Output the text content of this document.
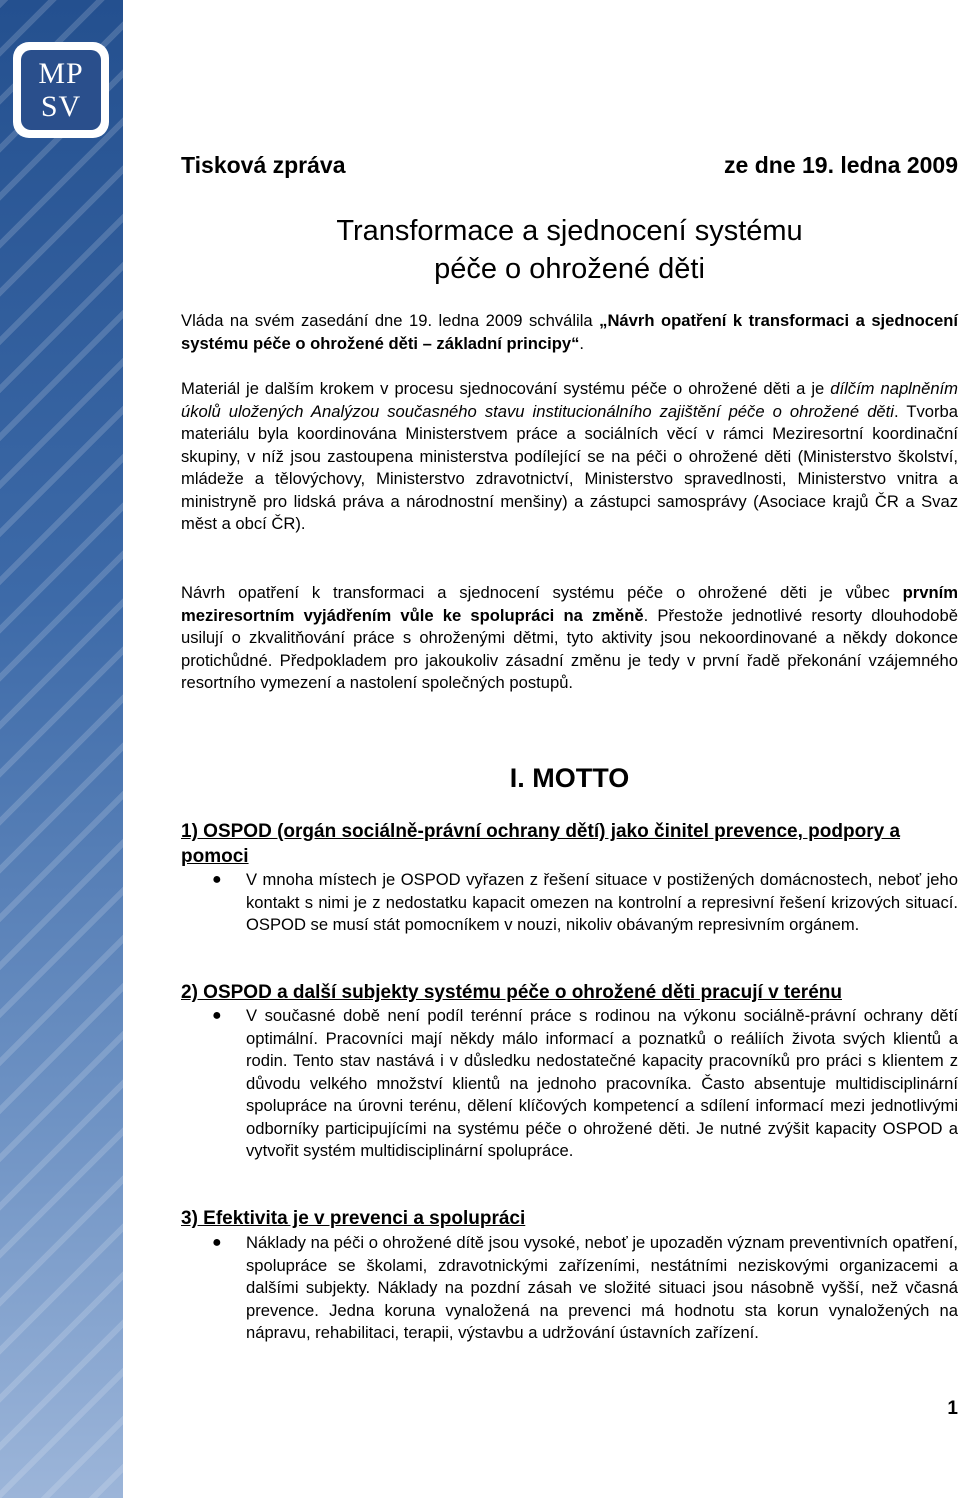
MP
SV
Tisková zpráva	ze dne 19. ledna 2009
Transformace a sjednocení systému
péče o ohrožené děti

Vláda na svém zasedání dne 19. ledna 2009 schválila „Návrh opatření k transformaci a sjednocení systému péče o ohrožené děti – základní principy“.

Materiál je dalším krokem v procesu sjednocování systému péče o ohrožené děti a je dílčím naplněním úkolů uložených Analýzou současného stavu institucionálního zajištění péče o ohrožené děti. Tvorba materiálu byla koordinována Ministerstvem práce a sociálních věcí v rámci Meziresortní koordinační skupiny, v níž jsou zastoupena ministerstva podílející se na péči o ohrožené děti (Ministerstvo školství, mládeže a tělovýchovy, Ministerstvo zdravotnictví, Ministerstvo spravedlnosti, Ministerstvo vnitra a ministryně pro lidská práva a národnostní menšiny) a zástupci samosprávy (Asociace krajů ČR a Svaz měst a obcí ČR).

Návrh opatření k transformaci a sjednocení systému péče o ohrožené děti je vůbec prvním meziresortním vyjádřením vůle ke spolupráci na změně. Přestože jednotlivé resorty dlouhodobě usilují o zkvalitňování práce s ohroženými dětmi, tyto aktivity jsou nekoordinované a někdy dokonce protichůdné. Předpokladem pro jakoukoliv zásadní změnu je tedy v první řadě překonání vzájemného resortního vymezení a nastolení společných postupů.

I. MOTTO

1) OSPOD (orgán sociálně-právní ochrany dětí) jako činitel prevence, podpory a pomoci

● V mnoha místech je OSPOD vyřazen z řešení situace v postižených domácnostech, neboť jeho kontakt s nimi je z nedostatku kapacit omezen na kontrolní a represivní řešení krizových situací. OSPOD se musí stát pomocníkem v nouzi, nikoliv obávaným represivním orgánem.

2) OSPOD a další subjekty systému péče o ohrožené děti pracují v terénu

● V současné době není podíl terénní práce s rodinou na výkonu sociálně-právní ochrany dětí optimální. Pracovníci mají někdy málo informací a poznatků o reáliích života svých klientů a rodin. Tento stav nastává i v důsledku nedostatečné kapacity pracovníků pro práci s klientem z důvodu velkého množství klientů na jednoho pracovníka. Často absentuje multidisciplinární spolupráce na úrovni terénu, dělení klíčových kompetencí a sdílení informací mezi jednotlivými odborníky participujícími na systému péče o ohrožené děti. Je nutné zvýšit kapacity OSPOD a vytvořit systém multidisciplinární spolupráce.

3) Efektivita je v prevenci a spolupráci

● Náklady na péči o ohrožené dítě jsou vysoké, neboť je upozaděn význam preventivních opatření, spolupráce se školami, zdravotnickými zařízeními, nestátními neziskovými organizacemi a dalšími subjekty. Náklady na pozdní zásah ve složité situaci jsou násobně vyšší, než včasná prevence. Jedna koruna vynaložená na prevenci má hodnotu sta korun vynaložených na nápravu, rehabilitaci, terapii, výstavbu a udržování ústavních zařízení.

1
